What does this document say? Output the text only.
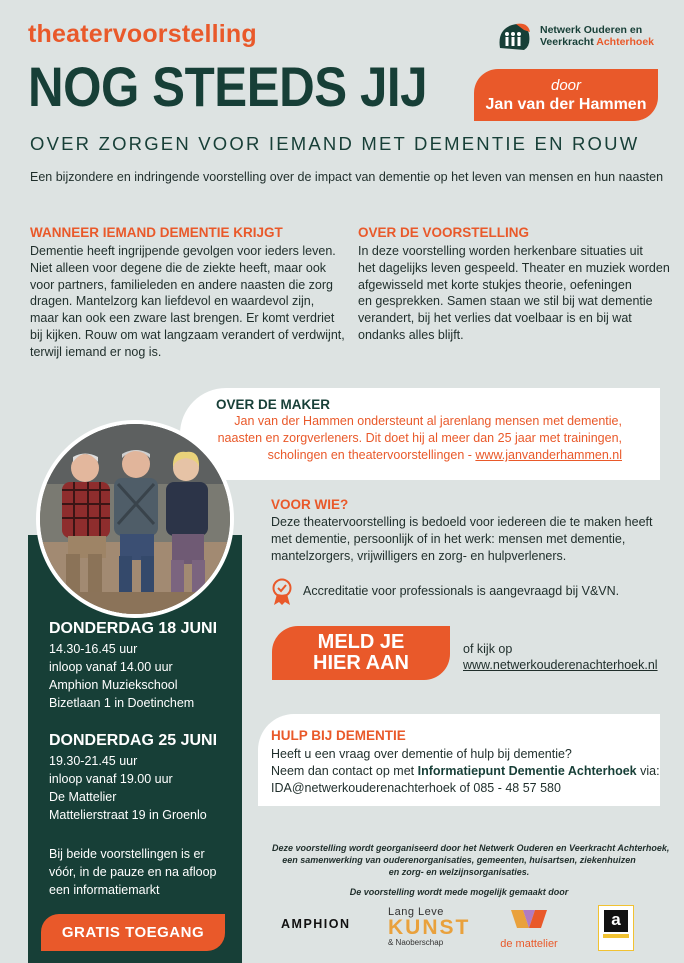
theatervoorstelling	Netwerk Ouderen en
Veerkracht Achterhoek
NOG STEEDS JIJ	door
Jan van der Hammen
OVER ZORGEN VOOR IEMAND MET DEMENTIE EN ROUW
Een bijzondere en indringende voorstelling over de impact van dementie op het leven van mensen en hun naasten
WANNEER IEMAND DEMENTIE KRIJGT

Dementie heeft ingrijpende gevolgen voor ieders leven.

Niet alleen voor degene die de ziekte heeft, maar ook

voor partners, familieleden en andere naasten die zorg

dragen. Mantelzorg kan liefdevol en waardevol zijn,

maar kan ook een zware last brengen. Er komt verdriet

bij kijken. Rouw om wat langzaam verandert of verdwijnt,

terwijl iemand er nog is.

OVER DE VOORSTELLING

In deze voorstelling worden herkenbare situaties uit

het dagelijks leven gespeeld. Theater en muziek worden

afgewisseld met korte stukjes theorie, oefeningen

en gesprekken. Samen staan we stil bij wat dementie

verandert, bij het verlies dat voelbaar is en bij wat

ondanks alles blijft.

OVER DE MAKER

Jan van der Hammen ondersteunt al jarenlang mensen met dementie,

naasten en zorgverleners. Dit doet hij al meer dan 25 jaar met trainingen,

scholingen en theatervoorstellingen - www.janvanderhammen.nl

DONDERDAG 18 JUNI

14.30-16.45 uur

inloop vanaf 14.00 uur

Amphion Muziekschool

Bizetlaan 1 in Doetinchem

DONDERDAG 25 JUNI

19.30-21.45 uur

inloop vanaf 19.00 uur

De Mattelier

Mattelierstraat 19 in Groenlo

Bij beide voorstellingen is er

vóór, in de pauze en na afloop

een informatiemarkt

GRATIS TOEGANG
VOOR WIE?

Deze theatervoorstelling is bedoeld voor iedereen die te maken heeft

met dementie, persoonlijk of in het werk: mensen met dementie,

mantelzorgers, vrijwilligers en zorg- en hulpverleners.

Accreditatie voor professionals is aangevraagd bij V&VN.
MELD JE
HIER AAN
of kijk op
www.netwerkouderenachterhoek.nl
HULP BIJ DEMENTIE

Heeft u een vraag over dementie of hulp bij dementie?

Neem dan contact op met Informatiepunt Dementie Achterhoek via:

IDA@netwerkouderenachterhoek of 085 - 48 57 580

Deze voorstelling wordt georganiseerd door het Netwerk Ouderen en Veerkracht Achterhoek,

een samenwerking van ouderenorganisaties, gemeenten, huisartsen, ziekenhuizen

en zorg- en welzijnsorganisaties.

De voorstelling wordt mede mogelijk gemaakt door
AMPHION
Lang Leve
KUNST
& Naoberschap	de mattelier
a
